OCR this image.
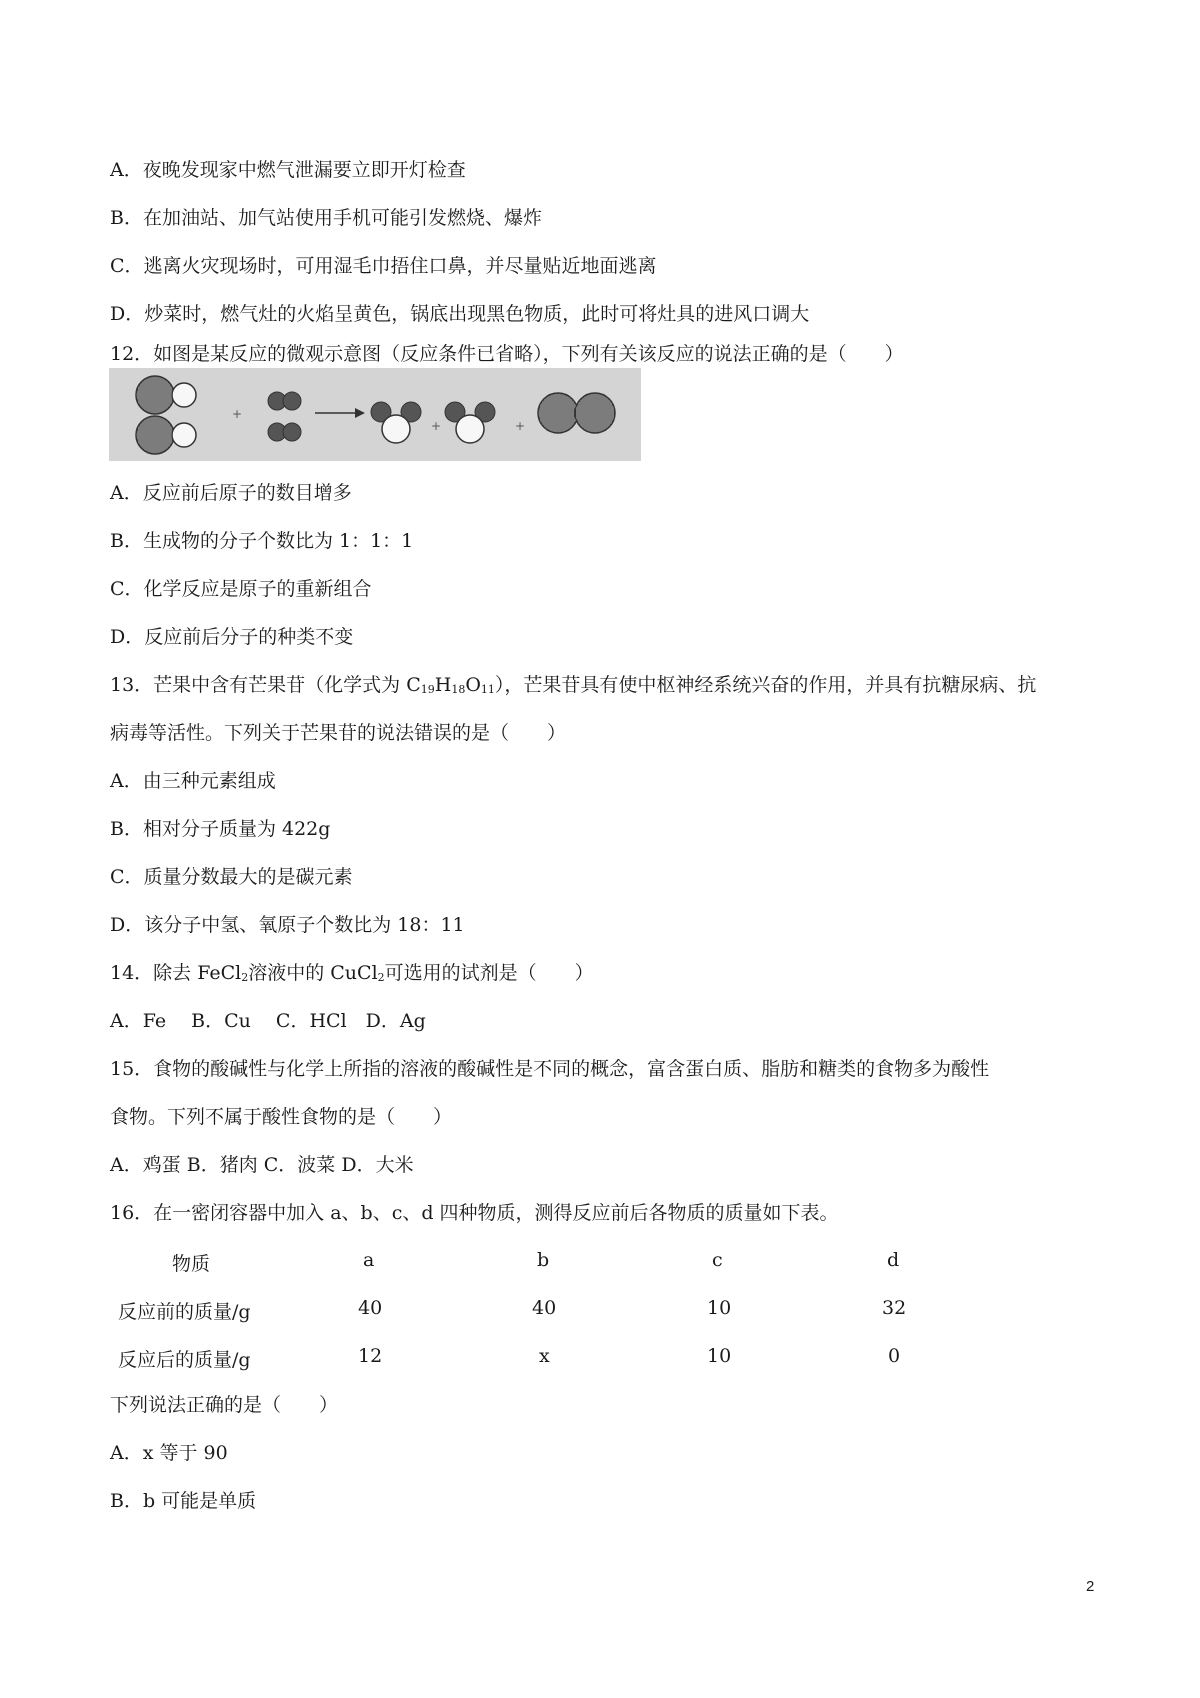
A．夜晚发现家中燃气泄漏要立即开灯检查
B．在加油站、加气站使用手机可能引发燃烧、爆炸
C．逃离火灾现场时，可用湿毛巾捂住口鼻，并尽量贴近地面逃离
D．炒菜时，燃气灶的火焰呈黄色，锅底出现黑色物质，此时可将灶具的进风口调大
12．如图是某反应的微观示意图（反应条件已省略），下列有关该反应的说法正确的是（　　）
+
+	+
A．反应前后原子的数目增多
B．生成物的分子个数比为 1：1：1
C．化学反应是原子的重新组合
D．反应前后分子的种类不变
13．芒果中含有芒果苷（化学式为 $C_{19}H_{18}O_{11}$），芒果苷具有使中枢神经系统兴奋的作用，并具有抗糖尿病、抗
病毒等活性。下列关于芒果苷的说法错误的是（　　）
A．由三种元素组成
B．相对分子质量为 422g
C．质量分数最大的是碳元素
D．该分子中氢、氧原子个数比为 18：11
14．除去 FeCl$_2$溶液中的 CuCl$_2$可选用的试剂是（　　）
A．Fe　 B．Cu　 C．HCl　D．Ag
15．食物的酸碱性与化学上所指的溶液的酸碱性是不同的概念，富含蛋白质、脂肪和糖类的食物多为酸性
食物。下列不属于酸性食物的是（　　）
A．鸡蛋 B．猪肉 C．波菜 D．大米
16．在一密闭容器中加入 a、b、c、d 四种物质，测得反应前后各物质的质量如下表。
物质	a	b	c	d
反应前的质量/g	40	40	10	32
反应后的质量/g	12	x	10	0
下列说法正确的是（　　）
A．x 等于 90
B．b 可能是单质
2
